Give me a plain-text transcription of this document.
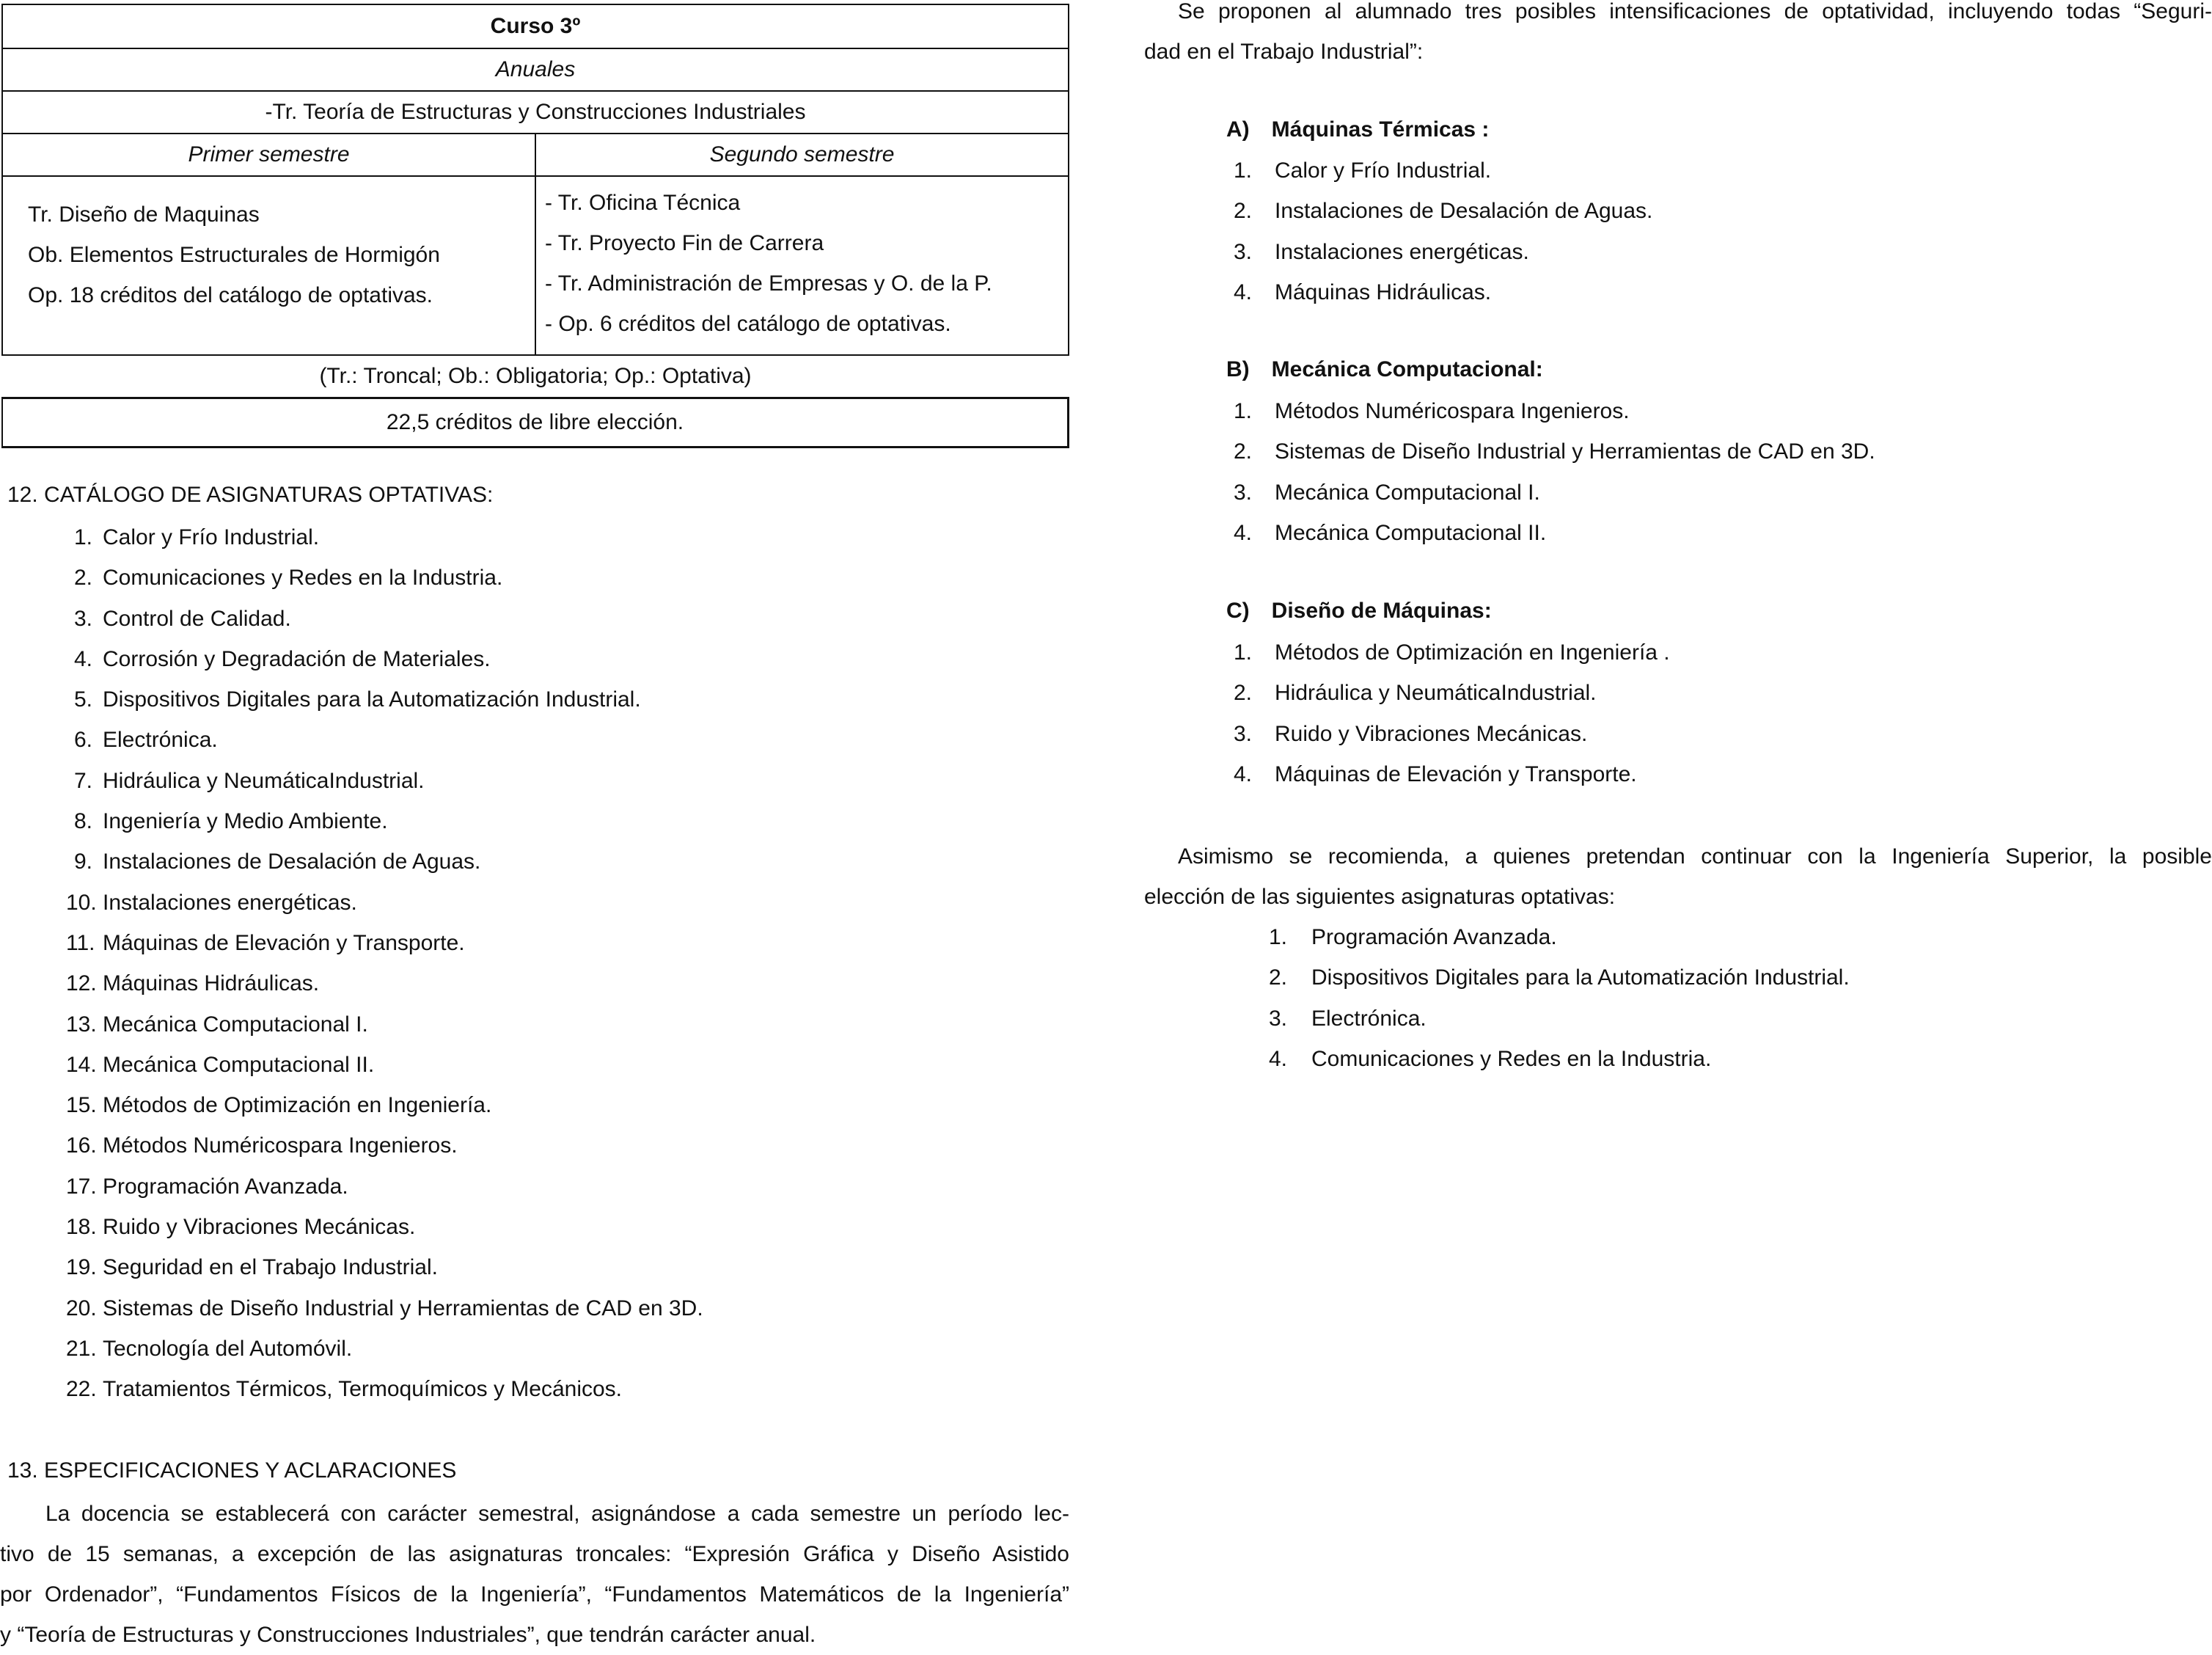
Curso 3º
Anuales
-Tr. Teoría de Estructuras y Construcciones Industriales
Primer semestre	Segundo semestre
Tr. Diseño de Maquinas
Ob. Elementos Estructurales de Hormigón
Op. 18 créditos del catálogo de optativas.
- Tr. Oficina Técnica
- Tr. Proyecto Fin de Carrera
- Tr. Administración de Empresas y O. de la P.
- Op. 6 créditos del catálogo de optativas.
(Tr.: Troncal; Ob.: Obligatoria; Op.: Optativa)
22,5 créditos de libre elección.
12. CATÁLOGO DE ASIGNATURAS OPTATIVAS:
1. Calor y Frío Industrial.
2. Comunicaciones y Redes en la Industria.
3. Control de Calidad.
4. Corrosión y Degradación de Materiales.
5. Dispositivos Digitales para la Automatización Industrial.
6. Electrónica.
7. Hidráulica y NeumáticaIndustrial.
8. Ingeniería y Medio Ambiente.
9. Instalaciones de Desalación de Aguas.
10. Instalaciones energéticas.
11. Máquinas de Elevación y Transporte.
12. Máquinas Hidráulicas.
13. Mecánica Computacional I.
14. Mecánica Computacional II.
15. Métodos de Optimización en Ingeniería.
16. Métodos Numéricospara Ingenieros.
17. Programación Avanzada.
18. Ruido y Vibraciones Mecánicas.
19. Seguridad en el Trabajo Industrial.
20. Sistemas de Diseño Industrial y Herramientas de CAD en 3D.
21. Tecnología del Automóvil.
22. Tratamientos Térmicos, Termoquímicos y Mecánicos.
13. ESPECIFICACIONES Y ACLARACIONES
La docencia se establecerá con carácter semestral, asignándose a cada semestre un período lec-
tivo de 15 semanas, a excepción de las asignaturas troncales: “Expresión Gráfica y Diseño Asistido
por Ordenador”, “Fundamentos Físicos de la Ingeniería”, “Fundamentos Matemáticos de la Ingeniería”
y “Teoría de Estructuras y Construcciones Industriales”, que tendrán carácter anual.
Se proponen al alumnado tres posibles intensificaciones de optatividad, incluyendo todas “Seguri-
dad en el Trabajo Industrial”:
A) Máquinas Térmicas :
1. Calor y Frío Industrial.
2. Instalaciones de Desalación de Aguas.
3. Instalaciones energéticas.
4. Máquinas Hidráulicas.
B) Mecánica Computacional:
1. Métodos Numéricospara Ingenieros.
2. Sistemas de Diseño Industrial y Herramientas de CAD en 3D.
3. Mecánica Computacional I.
4. Mecánica Computacional II.
C) Diseño de Máquinas:
1. Métodos de Optimización en Ingeniería .
2. Hidráulica y NeumáticaIndustrial.
3. Ruido y Vibraciones Mecánicas.
4. Máquinas de Elevación y Transporte.
Asimismo se recomienda, a quienes pretendan continuar con la Ingeniería Superior, la posible
elección de las siguientes asignaturas optativas:
1. Programación Avanzada.
2. Dispositivos Digitales para la Automatización Industrial.
3. Electrónica.
4. Comunicaciones y Redes en la Industria.
